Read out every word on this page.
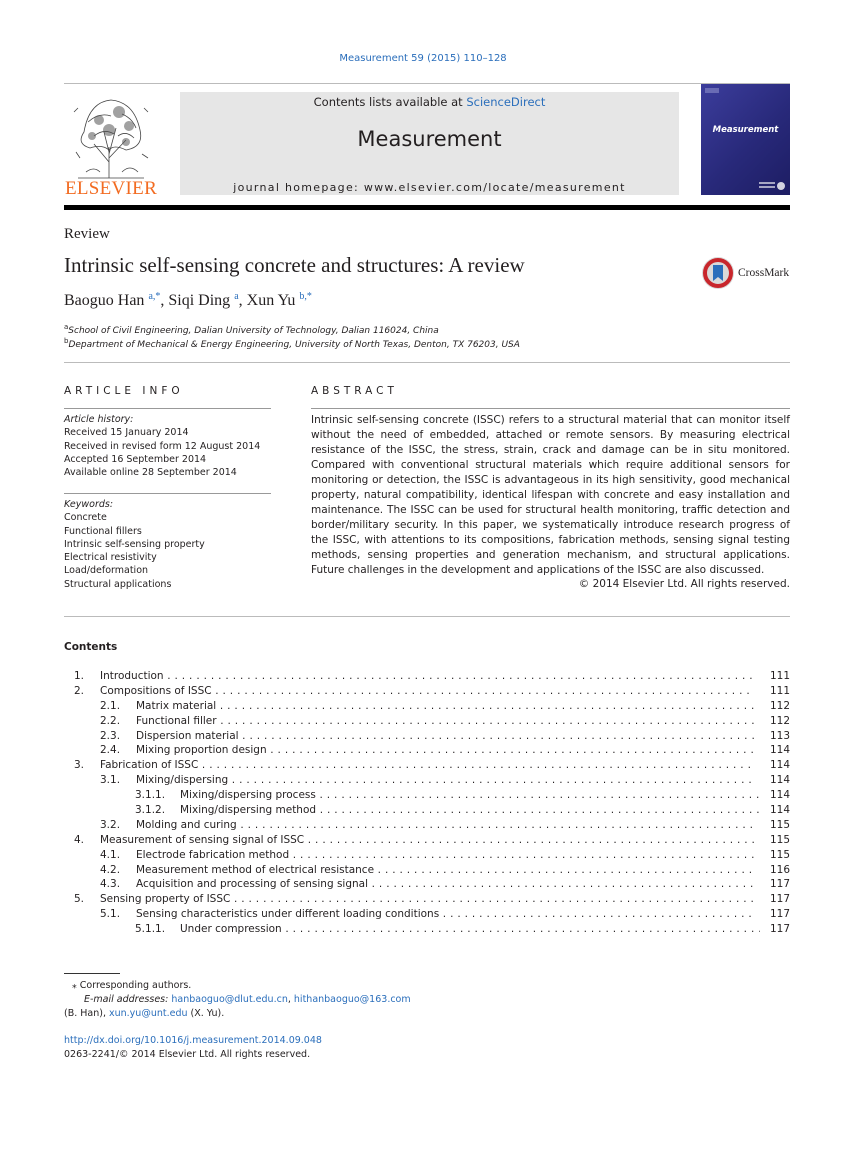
Measurement 59 (2015) 110–128
ELSEVIER
Contents lists available at ScienceDirect
Measurement
journal homepage: www.elsevier.com/locate/measurement
Measurement
Review
Intrinsic self-sensing concrete and structures: A review	CrossMark
Baoguo Han $^{a,*}$, Siqi Ding $^a$, Xun Yu $^{b,*}$
$^a$School of Civil Engineering, Dalian University of Technology, Dalian 116024, China
$^b$Department of Mechanical & Energy Engineering, University of North Texas, Denton, TX 76203, USA
ARTICLE INFO
Article history:
Received 15 January 2014
Received in revised form 12 August 2014
Accepted 16 September 2014
Available online 28 September 2014
Keywords:
Concrete
Functional fillers
Intrinsic self-sensing property
Electrical resistivity
Load/deformation
Structural applications
ABSTRACT
Intrinsic self-sensing concrete (ISSC) refers to a structural material that can monitor itself without the need of embedded, attached or remote sensors. By measuring electrical resistance of the ISSC, the stress, strain, crack and damage can be in situ monitored. Compared with conventional structural materials which require additional sensors for monitoring or detection, the ISSC is advantageous in its high sensitivity, good mechanical property, natural compatibility, identical lifespan with concrete and easy installation and maintenance. The ISSC can be used for structural health monitoring, traffic detection and border/military security. In this paper, we systematically introduce research progress of the ISSC, with attentions to its compositions, fabrication methods, sensing signal testing methods, sensing properties and generation mechanism, and structural applications. Future challenges in the development and applications of the ISSC are also discussed.
© 2014 Elsevier Ltd. All rights reserved.
Contents
1. Introduction . . .	111
2. Compositions of ISSC . . .	111
2.1. Matrix material . . .	112
2.2. Functional filler . . .	112
2.3. Dispersion material . . .	113
2.4. Mixing proportion design . . .	114
3. Fabrication of ISSC . . .	114
3.1. Mixing/dispersing . . .	114
3.1.1. Mixing/dispersing process . . .	114
3.1.2. Mixing/dispersing method . . .	114
3.2. Molding and curing . . .	115
4. Measurement of sensing signal of ISSC . . .	115
4.1. Electrode fabrication method . . .	115
4.2. Measurement method of electrical resistance . . .	116
4.3. Acquisition and processing of sensing signal . . .	117
5. Sensing property of ISSC . . .	117
5.1. Sensing characteristics under different loading conditions . . .	117
5.1.1. Under compression . . .	117
⁎ Corresponding authors.
E-mail addresses: hanbaoguo@dlut.edu.cn, hithanbaoguo@163.com
(B. Han), xun.yu@unt.edu (X. Yu).
http://dx.doi.org/10.1016/j.measurement.2014.09.048
0263-2241/© 2014 Elsevier Ltd. All rights reserved.
